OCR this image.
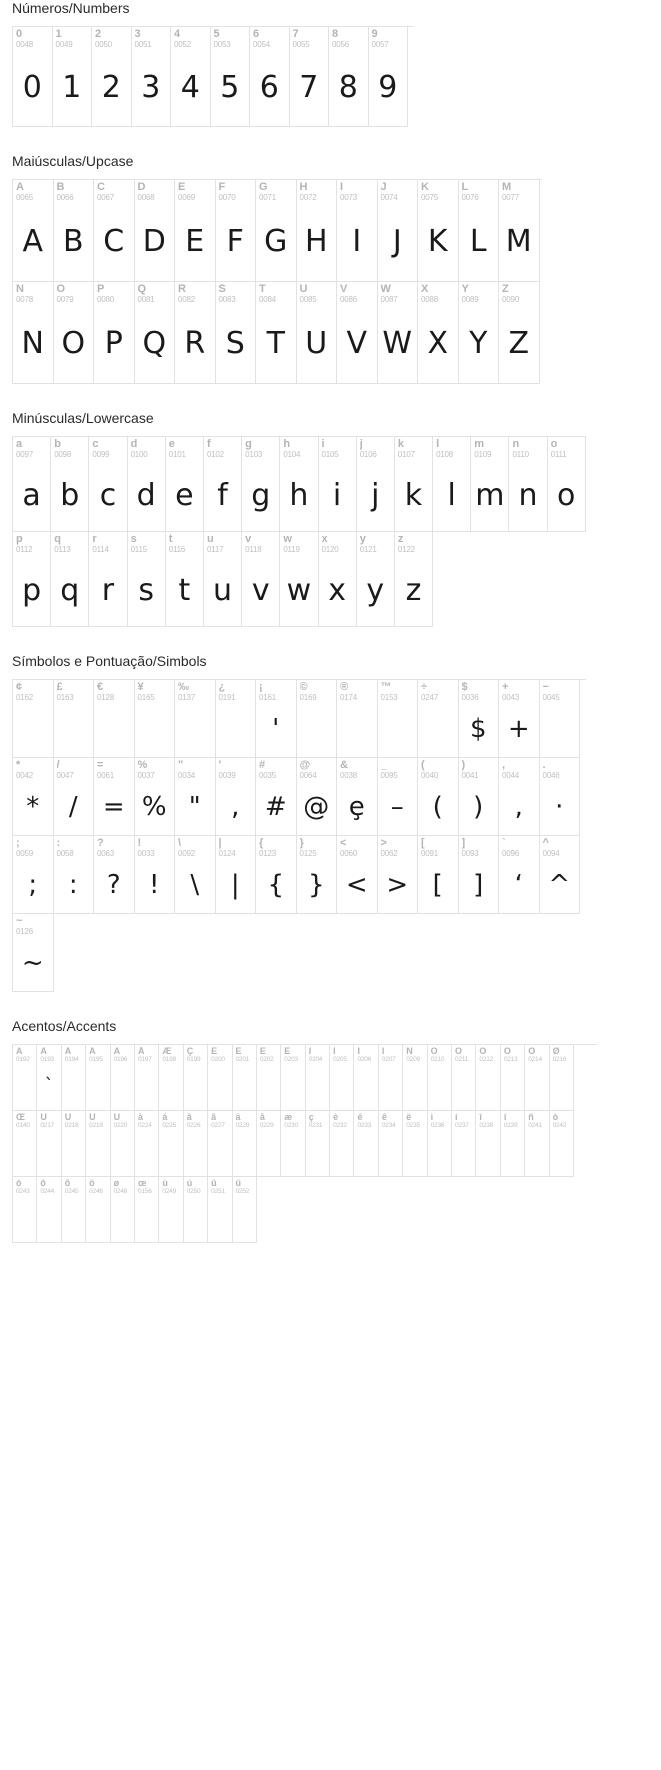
Números/Numbers
0
0048
0
1
0049
1
2
0050
2
3
0051
3
4
0052
4
5
0053
5
6
0054
6
7
0055
7
8
0056
8
9
0057
9
Maiúsculas/Upcase
A
0065
A
B
0066
B
C
0067
C
D
0068
D
E
0069
E
F
0070
F
G
0071
G
H
0072
H
I
0073
I
J
0074
J
K
0075
K
L
0076
L
M
0077
M
N
0078
N
O
0079
O
P
0080
P
Q
0081
Q
R
0082
R
S
0083
S
T
0084
T
U
0085
U
V
0086
V
W
0087
W
X
0088
X
Y
0089
Y
Z
0090
Z
Minúsculas/Lowercase
a
0097
a
b
0098
b
c
0099
c
d
0100
d
e
0101
e
f
0102
f
g
0103
g
h
0104
h
i
0105
i
j
0106
j
k
0107
k
l
0108
l
m
0109
m
n
0110
n
o
0111
o
p
0112
p
q
0113
q
r
0114
r
s
0115
s
t
0116
t
u
0117
u
v
0118
v
w
0119
w
x
0120
x
y
0121
y
z
0122
z
Símbolos e Pontuação/Simbols
¢
0162
£
0163
€
0128
¥
0165
‰
0137
¿
0191
¡
0161
'
©
0169
®
0174
™
0153
÷
0247
$
0036
$
+
0043
+
−
0045
*
0042
*
/
0047
/
=
0061
=
%
0037
%
"
0034
"
'
0039
,
#
0035
#
@
0064
@
&
0038
ȩ
_
0095
–
(
0040
(
)
0041
)
,
0044
,
.
0046
·
;
0059
;
:
0058
:
?
0063
?
!
0033
!
\
0092
\
|
0124
|
{
0123
{
}
0125
}
<
0060
<
>
0062
>
[
0091
[
]
0093
]
`
0096
‘
^
0094
^
~
0126
~
Acentos/Accents
À
0192
Á
0193
`
Â
0194
Ã
0195
Ä
0196
Å
0197
Æ
0198
Ç
0199
È
0200
É
0201
Ê
0202
Ë
0203
Ì
0204
Í
0205
Î
0206
Ï
0207
Ñ
0209
Ò
0210
Ó
0211
Ô
0212
Õ
0213
Ö
0214
Ø
0216
Œ
0140
Ù
0217
Ú
0218
Û
0219
Ü
0220
à
0224
á
0225
â
0226
ã
0227
ä
0228
å
0229
æ
0230
ç
0231
è
0232
é
0233
ê
0234
ë
0235
ì
0236
í
0237
î
0238
ï
0239
ñ
0241
ò
0242
ó
0243
ô
0244
õ
0245
ö
0246
ø
0248
œ
0156
ù
0249
ú
0250
û
0251
ü
0252
